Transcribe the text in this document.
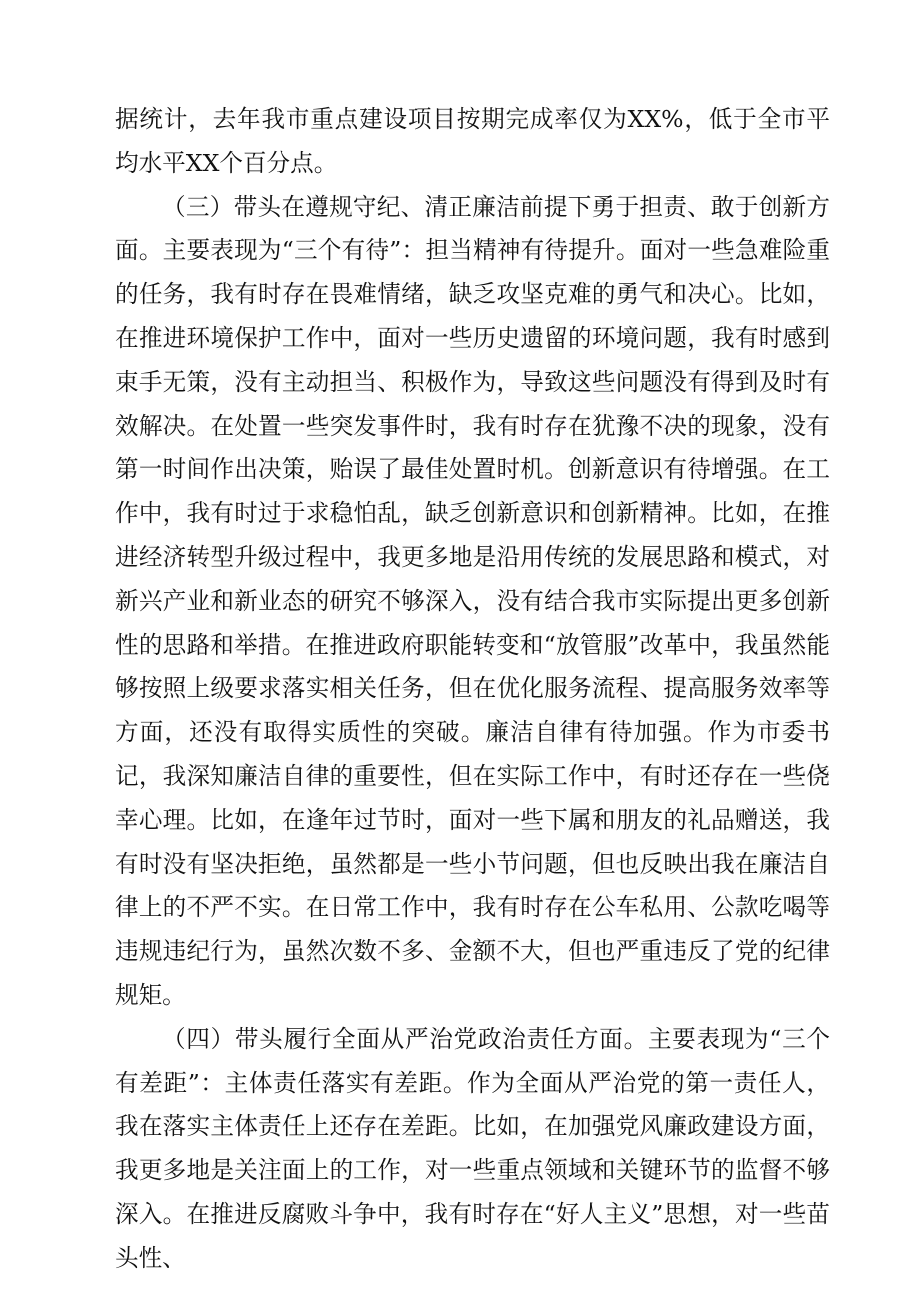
据统计，去年我市重点建设项目按期完成率仅为XX%，低于全市平均水平XX个百分点。

（三）带头在遵规守纪、清正廉洁前提下勇于担责、敢于创新方面。主要表现为“三个有待”：担当精神有待提升。面对一些急难险重的任务，我有时存在畏难情绪，缺乏攻坚克难的勇气和决心。比如，在推进环境保护工作中，面对一些历史遗留的环境问题，我有时感到束手无策，没有主动担当、积极作为，导致这些问题没有得到及时有效解决。在处置一些突发事件时，我有时存在犹豫不决的现象，没有第一时间作出决策，贻误了最佳处置时机。创新意识有待增强。在工作中，我有时过于求稳怕乱，缺乏创新意识和创新精神。比如，在推进经济转型升级过程中，我更多地是沿用传统的发展思路和模式，对新兴产业和新业态的研究不够深入，没有结合我市实际提出更多创新性的思路和举措。在推进政府职能转变和“放管服”改革中，我虽然能够按照上级要求落实相关任务，但在优化服务流程、提高服务效率等方面，还没有取得实质性的突破。廉洁自律有待加强。作为市委书记，我深知廉洁自律的重要性，但在实际工作中，有时还存在一些侥幸心理。比如，在逢年过节时，面对一些下属和朋友的礼品赠送，我有时没有坚决拒绝，虽然都是一些小节问题，但也反映出我在廉洁自律上的不严不实。在日常工作中，我有时存在公车私用、公款吃喝等违规违纪行为，虽然次数不多、金额不大，但也严重违反了党的纪律规矩。

（四）带头履行全面从严治党政治责任方面。主要表现为“三个有差距”：主体责任落实有差距。作为全面从严治党的第一责任人，我在落实主体责任上还存在差距。比如，在加强党风廉政建设方面，我更多地是关注面上的工作，对一些重点领域和关键环节的监督不够深入。在推进反腐败斗争中，我有时存在“好人主义”思想，对一些苗头性、
